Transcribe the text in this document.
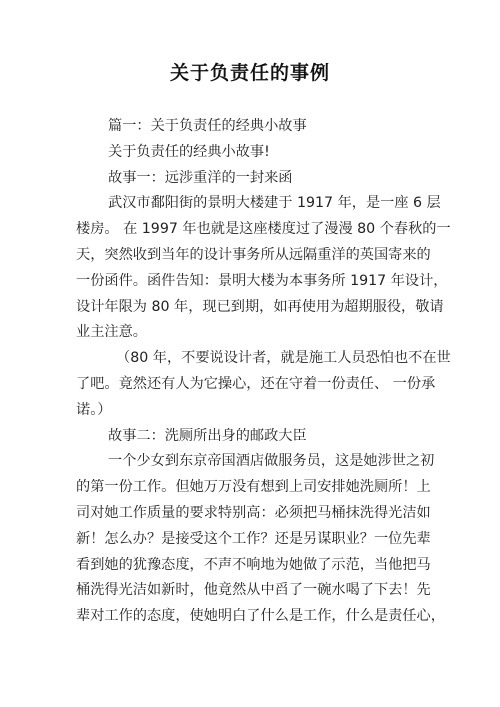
关于负责任的事例
篇一：关于负责任的经典小故事
关于负责任的经典小故事!
故事一：远涉重洋的一封来函
武汉市鄱阳街的景明大楼建于 1917 年，是一座 6 层
楼房。 在 1997 年也就是这座楼度过了漫漫 80 个春秋的一
天，突然收到当年的设计事务所从远隔重洋的英国寄来的
一份函件。函件告知：景明大楼为本事务所 1917 年设计，
设计年限为 80 年，现已到期，如再使用为超期服役，敬请
业主注意。
（80 年，不要说设计者，就是施工人员恐怕也不在世
了吧。竟然还有人为它操心，还在守着一份责任、 一份承
诺。）
故事二：洗厕所出身的邮政大臣
一个少女到东京帝国酒店做服务员，这是她涉世之初
的第一份工作。但她万万没有想到上司安排她洗厕所！上
司对她工作质量的要求特别高：必须把马桶抹洗得光洁如
新！怎么办？是接受这个工作？还是另谋职业？一位先辈
看到她的犹豫态度，不声不响地为她做了示范，当他把马
桶洗得光洁如新时，他竟然从中舀了一碗水喝了下去！先
辈对工作的态度，使她明白了什么是工作，什么是责任心，
